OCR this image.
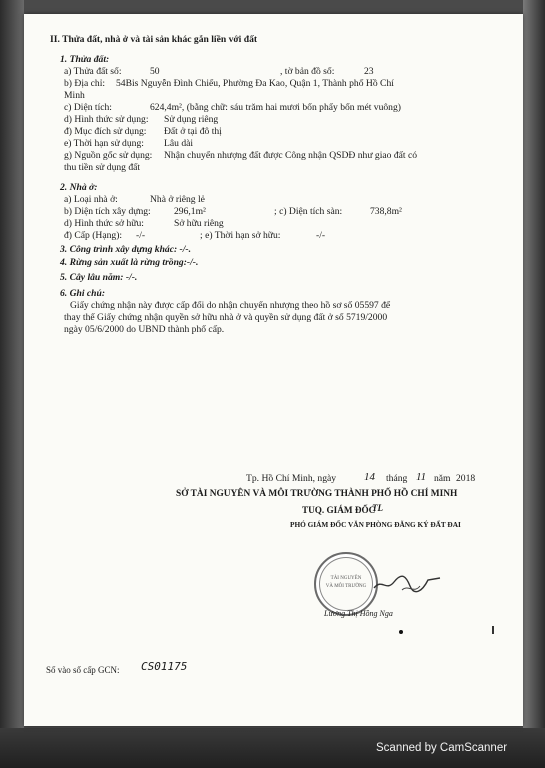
II. Thửa đất, nhà ở và tài sản khác gắn liền với đất
1. Thửa đất:
a) Thửa đất số:	50	, tờ bản đồ số:	23
b) Địa chỉ: 54Bis Nguyễn Đình Chiểu, Phường Đa Kao, Quận 1, Thành phố Hồ Chí
Minh
c) Diện tích:	624,4m², (bằng chữ: sáu trăm hai mươi bốn phẩy bốn mét vuông)
d) Hình thức sử dụng: Sử dụng riêng
đ) Mục đích sử dụng: Đất ở tại đô thị
e) Thời hạn sử dụng: Lâu dài
g) Nguồn gốc sử dụng: Nhận chuyển nhượng đất được Công nhận QSDĐ như giao đất có
thu tiền sử dụng đất
2. Nhà ở:
a) Loại nhà ở:	Nhà ở riêng lẻ
b) Diện tích xây dựng: 296,1m²	; c) Diện tích sàn:	738,8m²
d) Hình thức sở hữu:	Sở hữu riêng
đ) Cấp (Hạng): -/-	; e) Thời hạn sở hữu:	-/-
3. Công trình xây dựng khác: -/-.
4. Rừng sản xuất là rừng trồng:-/-.
5. Cây lâu năm: -/-.
6. Ghi chú:
Giấy chứng nhận này được cấp đổi do nhận chuyển nhượng theo hồ sơ số 05597 để
thay thế Giấy chứng nhận quyền sở hữu nhà ở và quyền sử dụng đất ở số 5719/2000
ngày 05/6/2000 do UBND thành phố cấp.
Tp. Hồ Chí Minh, ngày	14 tháng 11 năm 2018
SỞ TÀI NGUYÊN VÀ MÔI TRƯỜNG THÀNH PHỐ HỒ CHÍ MINH
TUQ. GIÁM ĐỐC
TL
PHÓ GIÁM ĐỐC VĂN PHÒNG ĐĂNG KÝ ĐẤT ĐAI
TÀI NGUYÊN
VÀ MÔI TRƯỜNG
Lương Thị Hồng Nga
Số vào sổ cấp GCN: CS01175
Scanned by CamScanner
